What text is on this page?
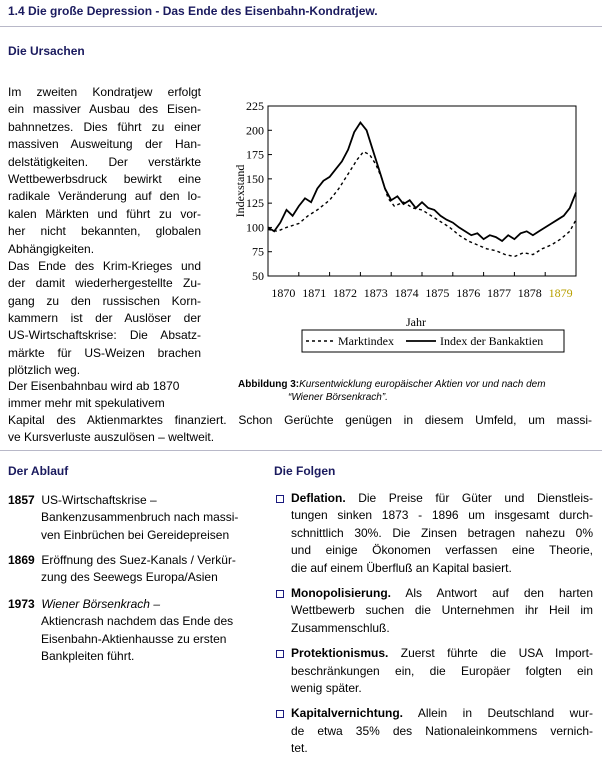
1.4 Die große Depression - Das Ende des Eisenbahn-Kondratjew.
Die Ursachen
Im zweiten Kondratjew erfolgt
ein massiver Ausbau des Eisen-
bahnnetzes. Dies führt zu einer
massiven Ausweitung der Han-
delstätigkeiten. Der verstärkte
Wettbewerbsdruck bewirkt eine
radikale Veränderung auf den lo-
kalen Märkten und führt zu vor-
her nicht bekannten, globalen
Abhängigkeiten.
Das Ende des Krim-Krieges und
der damit wiederhergestellte Zu-
gang zu den russischen Korn-
kammern ist der Auslöser der
US-Wirtschaftskrise: Die Absatz-
märkte für US-Weizen brachen
plötzlich weg.
Der Eisenbahnbau wird ab 1870
immer mehr mit spekulativem
Kapital des Aktienmarktes finanziert. Schon Gerüchte genügen in diesem Umfeld, um massi-
ve Kursverluste auszulösen – weltweit.
225
200
175
150
125
100
75
50
1870 1871 1872 1873 1874 1875 1876 1877 1878 1879
Jahr
Indexstand
Marktindex	Index der Bankaktien
Abbildung 3:Kursentwicklung europäischer Aktien vor und nach dem
“Wiener Börsenkrach”.
Der Ablauf
1857 US-Wirtschaftskrise –
Bankenzusammenbruch nach massi-
ven Einbrüchen bei Gereidepreisen
1869 Eröffnung des Suez-Kanals / Verkür-
zung des Seewegs Europa/Asien
1973 Wiener Börsenkrach –
Aktiencrash nachdem das Ende des
Eisenbahn-Aktienhausse zu ersten
Bankpleiten führt.
Die Folgen
Deflation. Die Preise für Güter und Dienstleis-
tungen sinken 1873 - 1896 um insgesamt durch-
schnittlich 30%. Die Zinsen betragen nahezu 0%
und einige Ökonomen verfassen eine Theorie,
die auf einem Überfluß an Kapital basiert.
Monopolisierung. Als Antwort auf den harten
Wettbewerb suchen die Unternehmen ihr Heil im
Zusammenschluß.
Protektionismus. Zuerst führte die USA Import-
beschränkungen ein, die Europäer folgten ein
wenig später.
Kapitalvernichtung. Allein in Deutschland wur-
de etwa 35% des Nationaleinkommens vernich-
tet.
